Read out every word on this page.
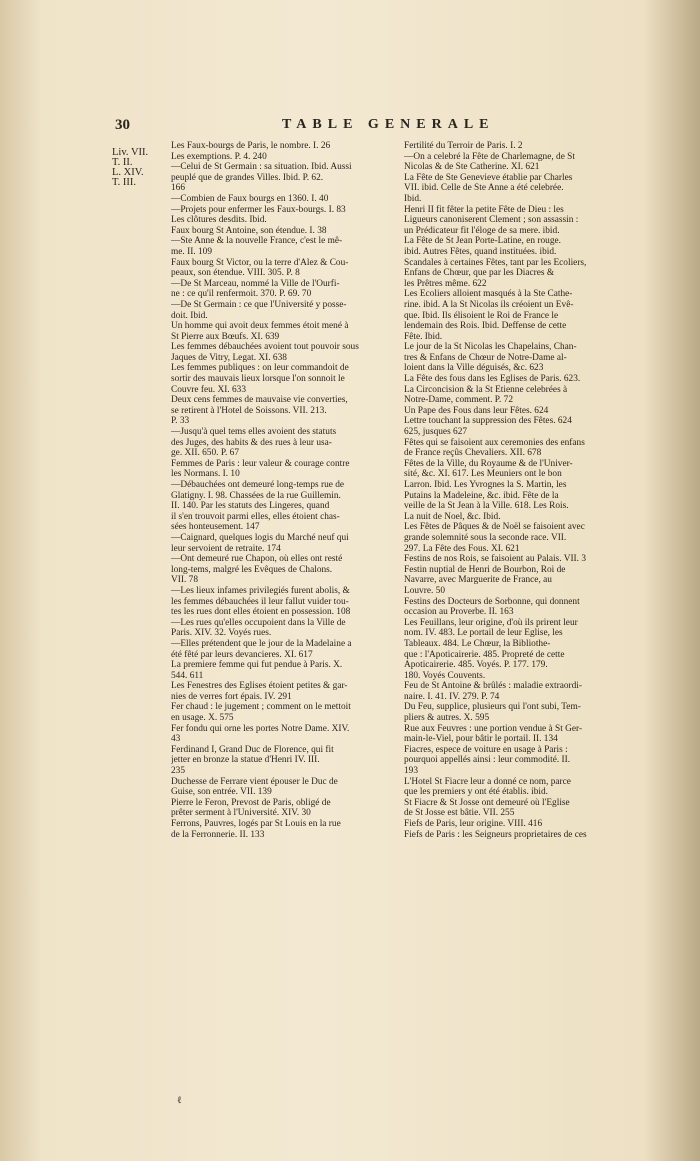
30	TABLE GENERALE
Liv. VII.
T. II.
L. XIV.
T. III.
Les Faux-bourgs de Paris, le nombre. I. 26
Les exemptions. P. 4. 240
—Celui de St Germain : sa situation. Ibid. Aussi
peuplé que de grandes Villes. Ibid. P. 62.
166
—Combien de Faux bourgs en 1360. I. 40
—Projets pour enfermer les Faux-bourgs. I. 83
Les clôtures desdits. Ibid.
Faux bourg St Antoine, son étendue. I. 38
—Ste Anne & la nouvelle France, c'est le mê-
me. II. 109
Faux bourg St Victor, ou la terre d'Alez & Cou-
peaux, son étendue. VIII. 305. P. 8
—De St Marceau, nommé la Ville de l'Ourfi-
ne : ce qu'il renfermoit. 370. P. 69. 70
—De St Germain : ce que l'Université y posse-
doit. Ibid.
Un homme qui avoit deux femmes étoit mené à
St Pierre aux Bœufs. XI. 639
Les femmes débauchées avoient tout pouvoir sous
Jaques de Vitry, Legat. XI. 638
Les femmes publiques : on leur commandoit de
sortir des mauvais lieux lorsque l'on sonnoit le
Couvre feu. XI. 633
Deux cens femmes de mauvaise vie converties,
se retirent à l'Hotel de Soissons. VII. 213.
P. 33
—Jusqu'à quel tems elles avoient des statuts
des Juges, des habits & des rues à leur usa-
ge. XII. 650. P. 67
Femmes de Paris : leur valeur & courage contre
les Normans. I. 10
—Débauchées ont demeuré long-temps rue de
Glatigny. I. 98. Chassées de la rue Guillemin.
II. 140. Par les statuts des Lingeres, quand
il s'en trouvoit parmi elles, elles étoient chas-
sées honteusement. 147
—Caignard, quelques logis du Marché neuf qui
leur servoient de retraite. 174
—Ont demeuré rue Chapon, où elles ont resté
long-tems, malgré les Evêques de Chalons.
VII. 78
—Les lieux infames privilegiés furent abolis, &
les femmes débauchées il leur fallut vuider tou-
tes les rues dont elles étoient en possession. 108
—Les rues qu'elles occupoient dans la Ville de
Paris. XIV. 32. Voyés rues.
—Elles prétendent que le jour de la Madelaine a
été fêté par leurs devancieres. XI. 617
La premiere femme qui fut pendue à Paris. X.
544. 611
Les Fenestres des Eglises étoient petites & gar-
nies de verres fort épais. IV. 291
Fer chaud : le jugement ; comment on le mettoit
en usage. X. 575
Fer fondu qui orne les portes Notre Dame. XIV.
43
Ferdinand I, Grand Duc de Florence, qui fit
jetter en bronze la statue d'Henri IV. III.
235
Duchesse de Ferrare vient épouser le Duc de
Guise, son entrée. VII. 139
Pierre le Feron, Prevost de Paris, obligé de
prêter serment à l'Université. XIV. 30
Ferrons, Pauvres, logés par St Louis en la rue
de la Ferronnerie. II. 133
Fertilité du Terroir de Paris. I. 2
—On a celebré la Fête de Charlemagne, de St
Nicolas & de Ste Catherine. XI. 621
La Fête de Ste Genevieve établie par Charles
VII. ibid. Celle de Ste Anne a été celebrée.
Ibid.
Henri II fit fêter la petite Fête de Dieu : les
Ligueurs canoniserent Clement ; son assassin :
un Prédicateur fit l'éloge de sa mere. ibid.
La Fête de St Jean Porte-Latine, en rouge.
ibid. Autres Fêtes, quand instituées. ibid.
Scandales à certaines Fêtes, tant par les Ecoliers,
Enfans de Chœur, que par les Diacres &
les Prêtres même. 622
Les Ecoliers alloient masqués à la Ste Cathe-
rine. ibid. A la St Nicolas ils créoient un Evê-
que. Ibid. Ils élisoient le Roi de France le
lendemain des Rois. Ibid. Deffense de cette
Fête. Ibid.
Le jour de la St Nicolas les Chapelains, Chan-
tres & Enfans de Chœur de Notre-Dame al-
loient dans la Ville déguisés, &c. 623
La Fête des fous dans les Eglises de Paris. 623.
La Circoncision & la St Etienne celebrées à
Notre-Dame, comment. P. 72
Un Pape des Fous dans leur Fêtes. 624
Lettre touchant la suppression des Fêtes. 624
625, jusques 627
Fêtes qui se faisoient aux ceremonies des enfans
de France reçûs Chevaliers. XII. 678
Fêtes de la Ville, du Royaume & de l'Univer-
sité, &c. XI. 617. Les Meuniers ont le bon
Larron. Ibid. Les Yvrognes la S. Martin, les
Putains la Madeleine, &c. ibid. Fête de la
veille de la St Jean à la Ville. 618. Les Rois.
La nuit de Noel, &c. Ibid.
Les Fêtes de Pâques & de Noël se faisoient avec
grande solemnité sous la seconde race. VII.
297. La Fête des Fous. XI. 621
Festins de nos Rois, se faisoient au Palais. VII. 3
Festin nuptial de Henri de Bourbon, Roi de
Navarre, avec Marguerite de France, au
Louvre. 50
Festins des Docteurs de Sorbonne, qui donnent
occasion au Proverbe. II. 163
Les Feuillans, leur origine, d'où ils prirent leur
nom. IV. 483. Le portail de leur Eglise, les
Tableaux. 484. Le Chœur, la Bibliothe-
que : l'Apoticairerie. 485. Propreté de cette
Apoticairerie. 485. Voyés. P. 177. 179.
180. Voyés Couvents.
Feu de St Antoine & brûlés : maladie extraordi-
naire. I. 41. IV. 279. P. 74
Du Feu, supplice, plusieurs qui l'ont subi, Tem-
pliers & autres. X. 595
Rue aux Feuvres : une portion vendue à St Ger-
main-le-Viel, pour bâtir le portail. II. 134
Fiacres, espece de voiture en usage à Paris :
pourquoi appellés ainsi : leur commodité. II.
193
L'Hotel St Fiacre leur a donné ce nom, parce
que les premiers y ont été établis. ibid.
St Fiacre & St Josse ont demeuré où l'Eglise
de St Josse est bâtie. VII. 255
Fiefs de Paris, leur origine. VIII. 416
Fiefs de Paris : les Seigneurs proprietaires de ces
ℓ
